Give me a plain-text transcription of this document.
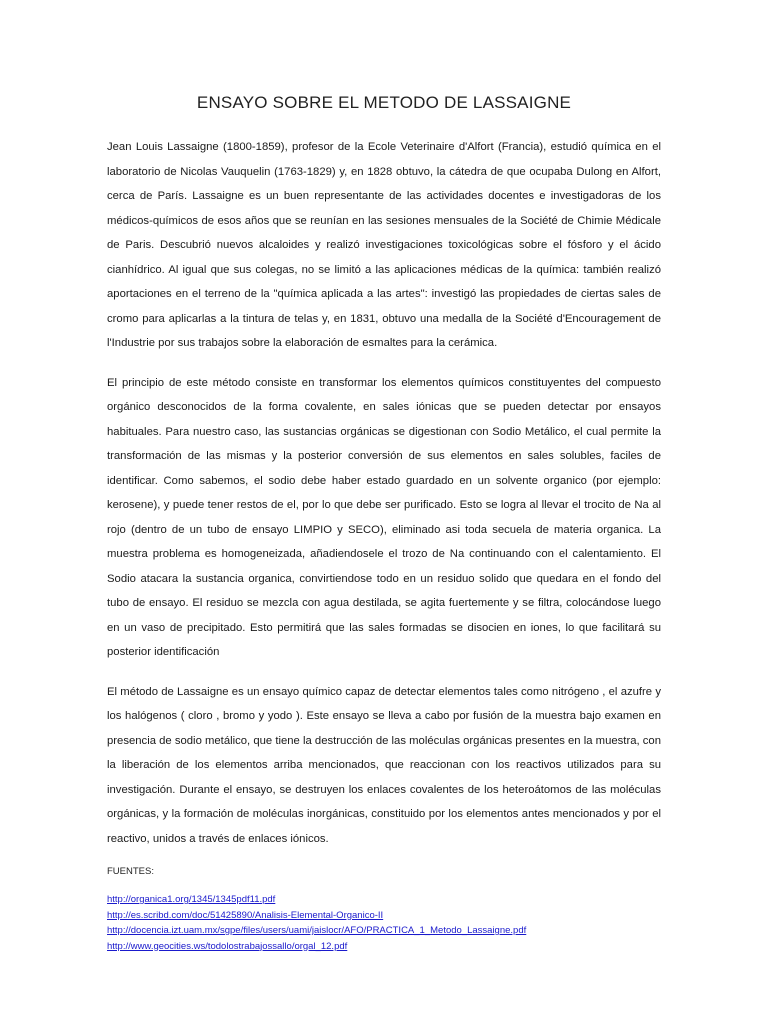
ENSAYO SOBRE EL METODO DE LASSAIGNE

Jean Louis Lassaigne (1800-1859), profesor de la Ecole Veterinaire d'Alfort (Francia), estudió química en el laboratorio de Nicolas Vauquelin (1763-1829) y, en 1828 obtuvo, la cátedra de que ocupaba Dulong en Alfort, cerca de París. Lassaigne es un buen representante de las actividades docentes e investigadoras de los médicos-químicos de esos años que se reunían en las sesiones mensuales de la Société de Chimie Médicale de Paris. Descubrió nuevos alcaloides y realizó investigaciones toxicológicas sobre el fósforo y el ácido cianhídrico. Al igual que sus colegas, no se limitó a las aplicaciones médicas de la química: también realizó aportaciones en el terreno de la "química aplicada a las artes": investigó las propiedades de ciertas sales de cromo para aplicarlas a la tintura de telas y, en 1831, obtuvo una medalla de la Société d'Encouragement de l'Industrie por sus trabajos sobre la elaboración de esmaltes para la cerámica.

El principio de este método consiste en transformar los elementos químicos constituyentes del compuesto orgánico desconocidos de la forma covalente, en sales iónicas que se pueden detectar por ensayos habituales. Para nuestro caso, las sustancias orgánicas se digestionan con Sodio Metálico, el cual permite la transformación de las mismas y la posterior conversión de sus elementos en sales solubles, faciles de identificar. Como sabemos, el sodio debe haber estado guardado en un solvente organico (por ejemplo: kerosene), y puede tener restos de el, por lo que debe ser purificado. Esto se logra al llevar el trocito de Na al rojo (dentro de un tubo de ensayo LIMPIO y SECO), eliminado asi toda secuela de materia organica. La muestra problema es homogeneizada, añadiendosele el trozo de Na continuando con el calentamiento. El Sodio atacara la sustancia organica, convirtiendose todo en un residuo solido que quedara en el fondo del tubo de ensayo. El residuo se mezcla con agua destilada, se agita fuertemente y se filtra, colocándose luego en un vaso de precipitado. Esto permitirá que las sales formadas se disocien en iones, lo que facilitará su posterior identificación

El método de Lassaigne es un ensayo químico capaz de detectar elementos tales como nitrógeno , el azufre y los halógenos ( cloro , bromo y yodo ). Este ensayo se lleva a cabo por fusión de la muestra bajo examen en presencia de sodio metálico, que tiene la destrucción de las moléculas orgánicas presentes en la muestra, con la liberación de los elementos arriba mencionados, que reaccionan con los reactivos utilizados para su investigación. Durante el ensayo, se destruyen los enlaces covalentes de los heteroátomos de las moléculas orgánicas, y la formación de moléculas inorgánicas, constituido por los elementos antes mencionados y por el reactivo, unidos a través de enlaces iónicos.

FUENTES:

http://organica1.org/1345/1345pdf11.pdf
http://es.scribd.com/doc/51425890/Analisis-Elemental-Organico-II
http://docencia.izt.uam.mx/sgpe/files/users/uami/jaislocr/AFO/PRACTICA_1_Metodo_Lassaigne.pdf
http://www.geocities.ws/todolostrabajossallo/orgal_12.pdf
